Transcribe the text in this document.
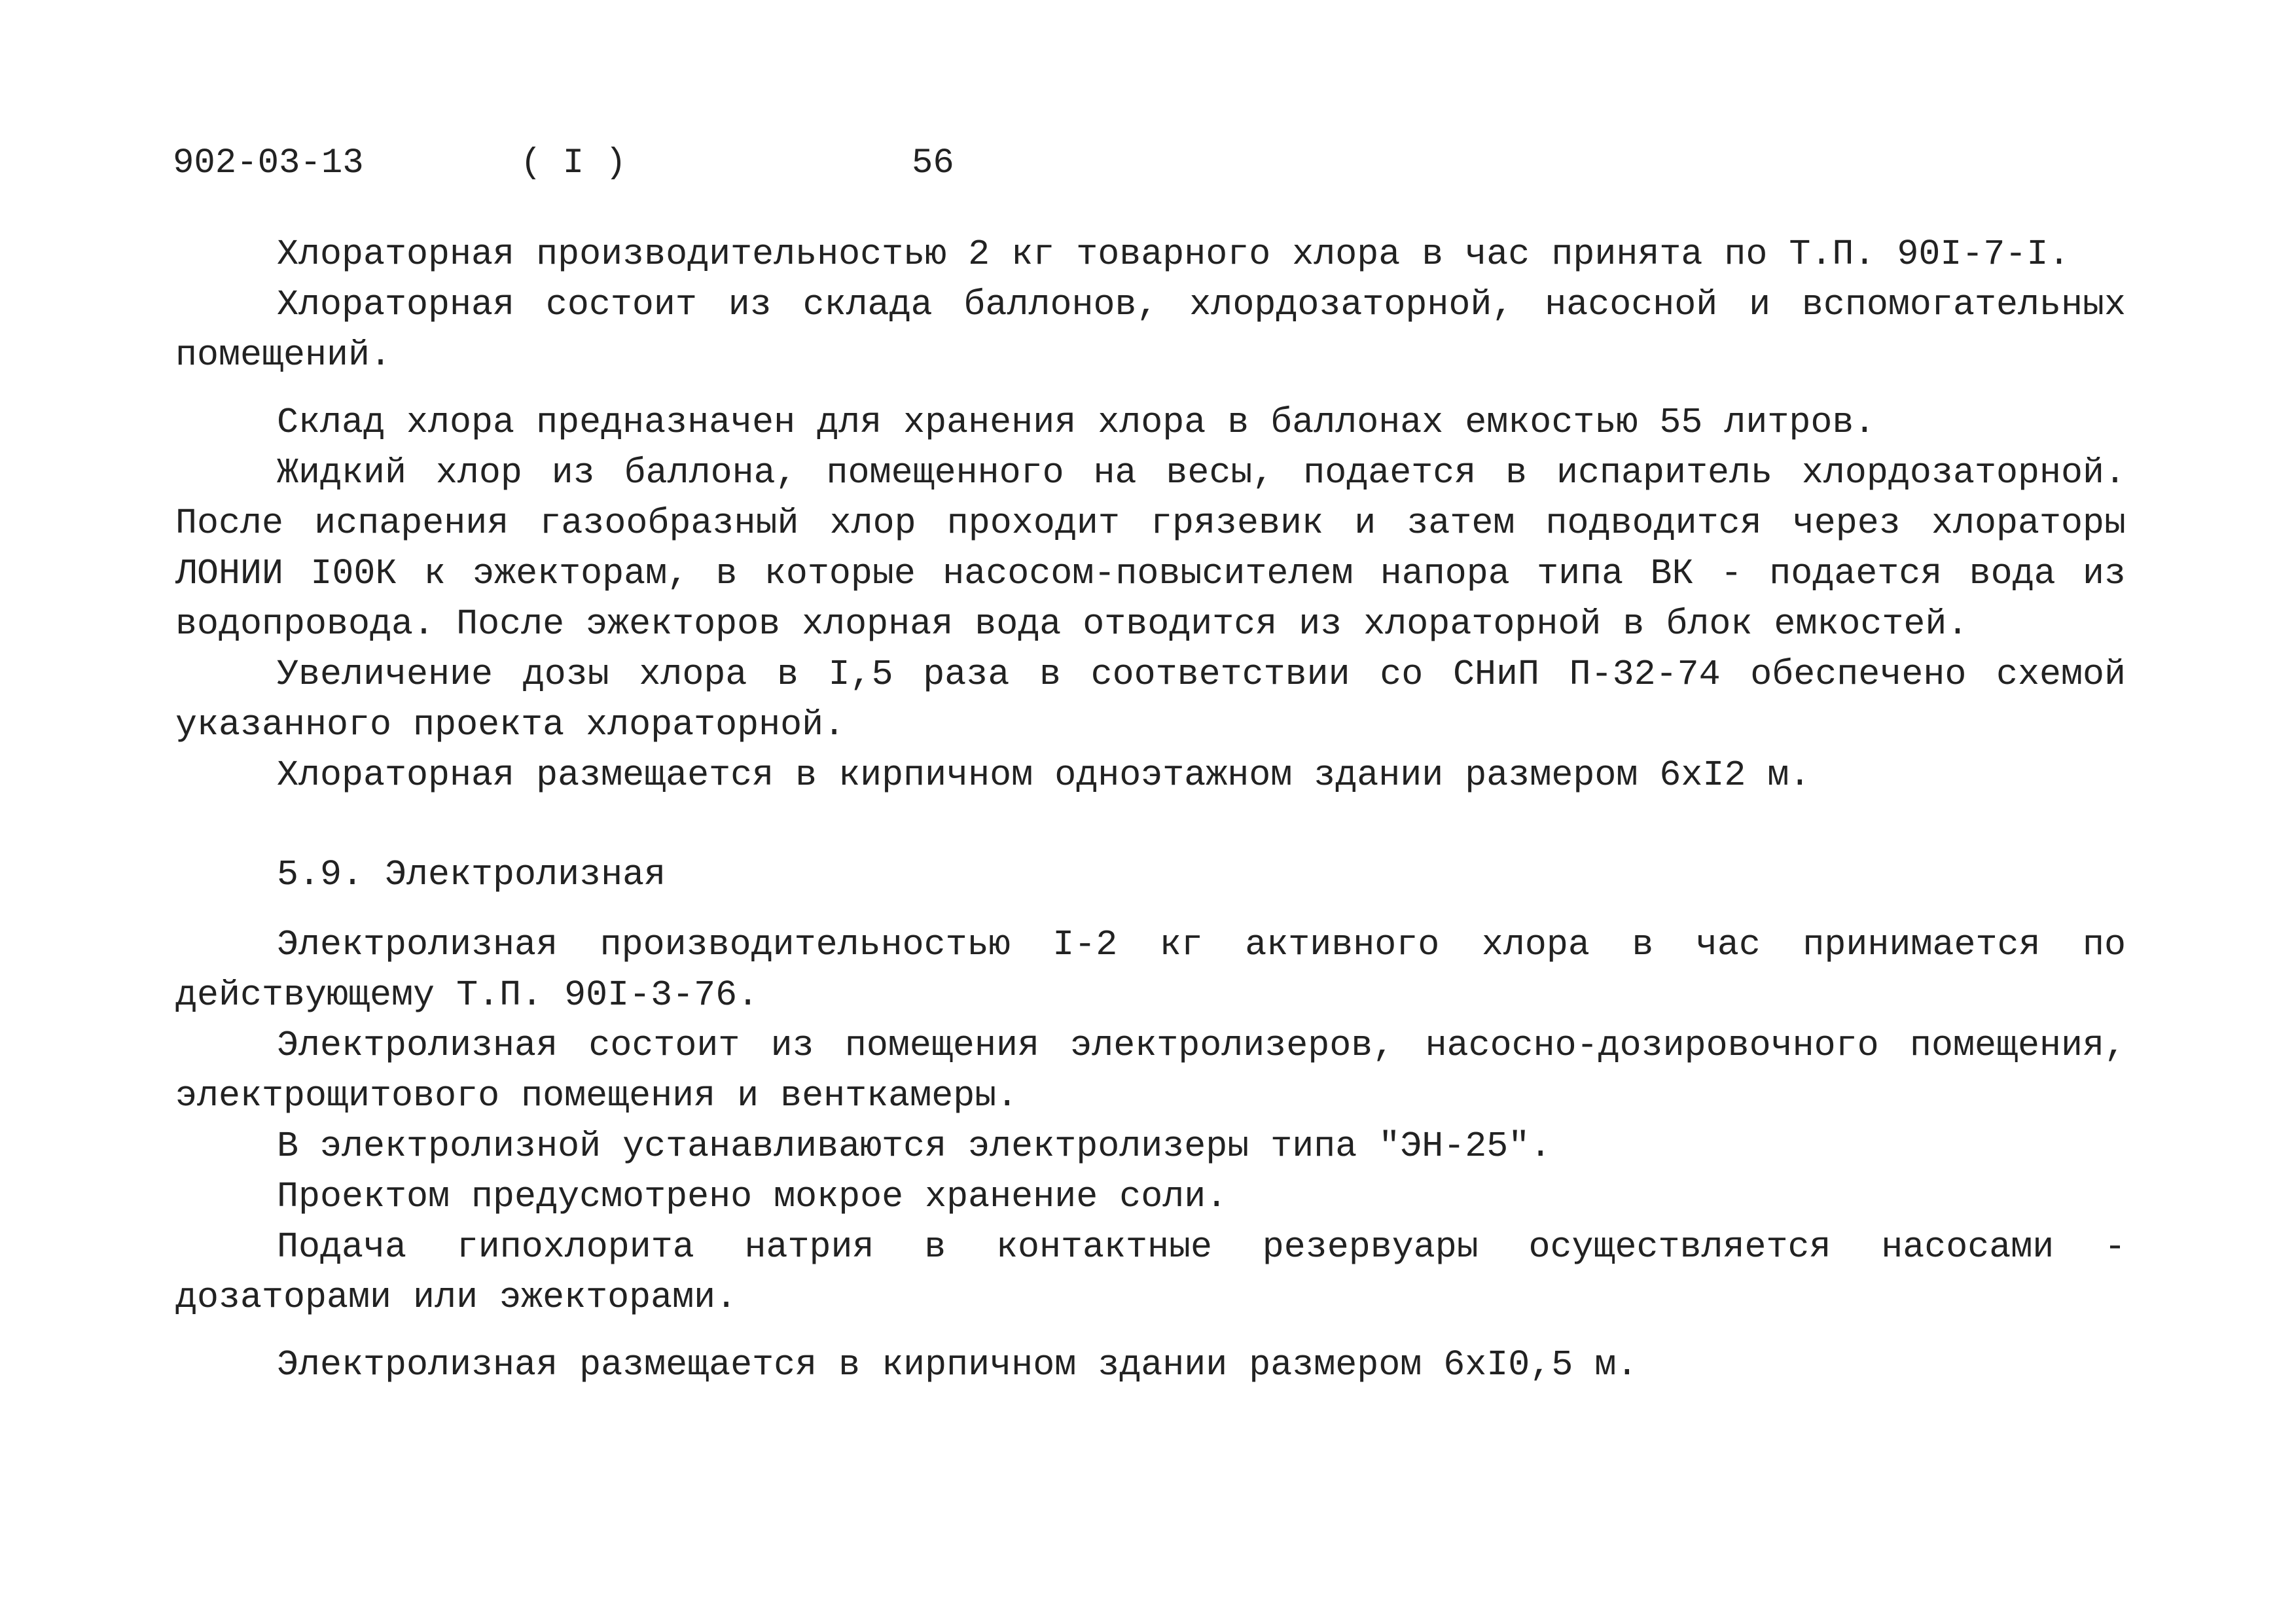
902-03-13	( I )	56

Хлораторная производительностью 2 кг товарного хлора в час принята по Т.П. 90I-7-I.

Хлораторная состоит из склада баллонов, хлордозаторной, насосной и вспомогательных помещений.

Склад хлора предназначен для хранения хлора в баллонах емкостью 55 литров.

Жидкий хлор из баллона, помещенного на весы, подается в испаритель хлордозаторной. После испарения газообразный хлор проходит грязевик и затем подводится через хлораторы ЛОНИИ I00К к эжекторам, в которые насосом-повысителем напора типа ВК - подается вода из водопровода. После эжекторов хлорная вода отводится из хлораторной в блок емкостей.

Увеличение дозы хлора в I,5 раза в соответствии со СНиП П-32-74 обеспечено схемой указанного проекта хлораторной.

Хлораторная размещается в кирпичном одноэтажном здании размером 6хI2 м.

5.9. Электролизная

Электролизная производительностью I-2 кг активного хлора в час принимается по действующему Т.П. 90I-3-76.

Электролизная состоит из помещения электролизеров, насосно-дозировочного помещения, электрощитового помещения и венткамеры.

В электролизной устанавливаются электролизеры типа "ЭН-25".

Проектом предусмотрено мокрое хранение соли.

Подача гипохлорита натрия в контактные резервуары осуществляется насосами - дозаторами или эжекторами.

Электролизная размещается в кирпичном здании размером 6хI0,5 м.
